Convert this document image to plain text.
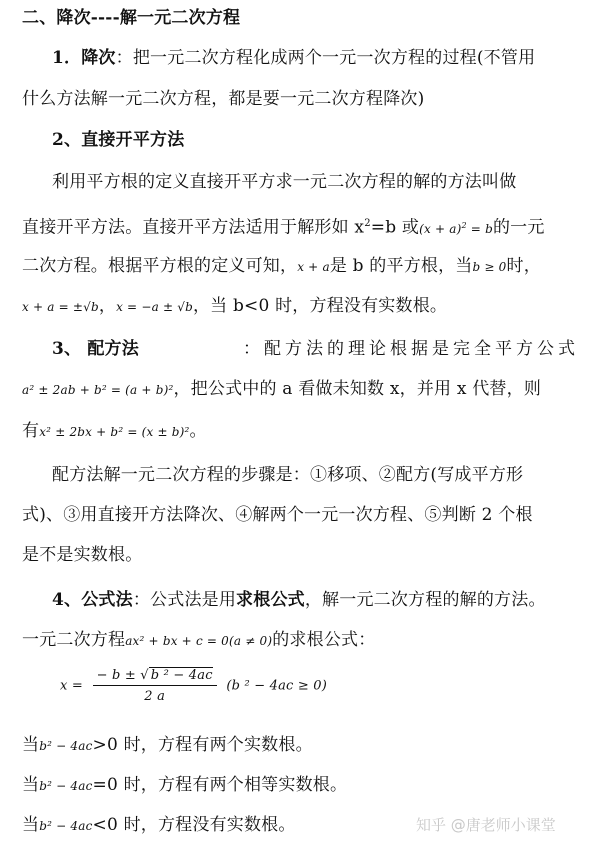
二、降次----解一元二次方程
1．降次：把一元二次方程化成两个一元一次方程的过程(不管用
什么方法解一元二次方程，都是要一元二次方程降次)
2、直接开平方法
利用平方根的定义直接开平方求一元二次方程的解的方法叫做
直接开平方法。直接开平方法适用于解形如 $x^2=b$ 或$(x + a)^2 = b$的一元
二次方程。根据平方根的定义可知，x + a是 b 的平方根，当b ≥ 0时，
x + a = ±√b，x = −a ± √b，当 b<0 时，方程没有实数根。
3、 配方法	：配方法的理论根据是完全平方公式
a² ± 2ab + b² = (a + b)²，把公式中的 a 看做未知数 x，并用 x 代替，则
有x² ± 2bx + b² = (x ± b)²。
配方法解一元二次方程的步骤是：①移项、②配方(写成平方形
式)、③用直接开方法降次、④解两个一元一次方程、⑤判断 2 个根
是不是实数根。
4、公式法：公式法是用求根公式，解一元二次方程的解的方法。
一元二次方程ax² + bx + c = 0(a ≠ 0)的求根公式：
$x = \frac{\text{− b ± √ b ² − 4ac}}{2 a} (b$ ² − 4ac ≥ 0)
当b² − 4ac>0 时，方程有两个实数根。
当b² − 4ac=0 时，方程有两个相等实数根。
当b² − 4ac<0 时，方程没有实数根。	知乎 @唐老师小课堂
